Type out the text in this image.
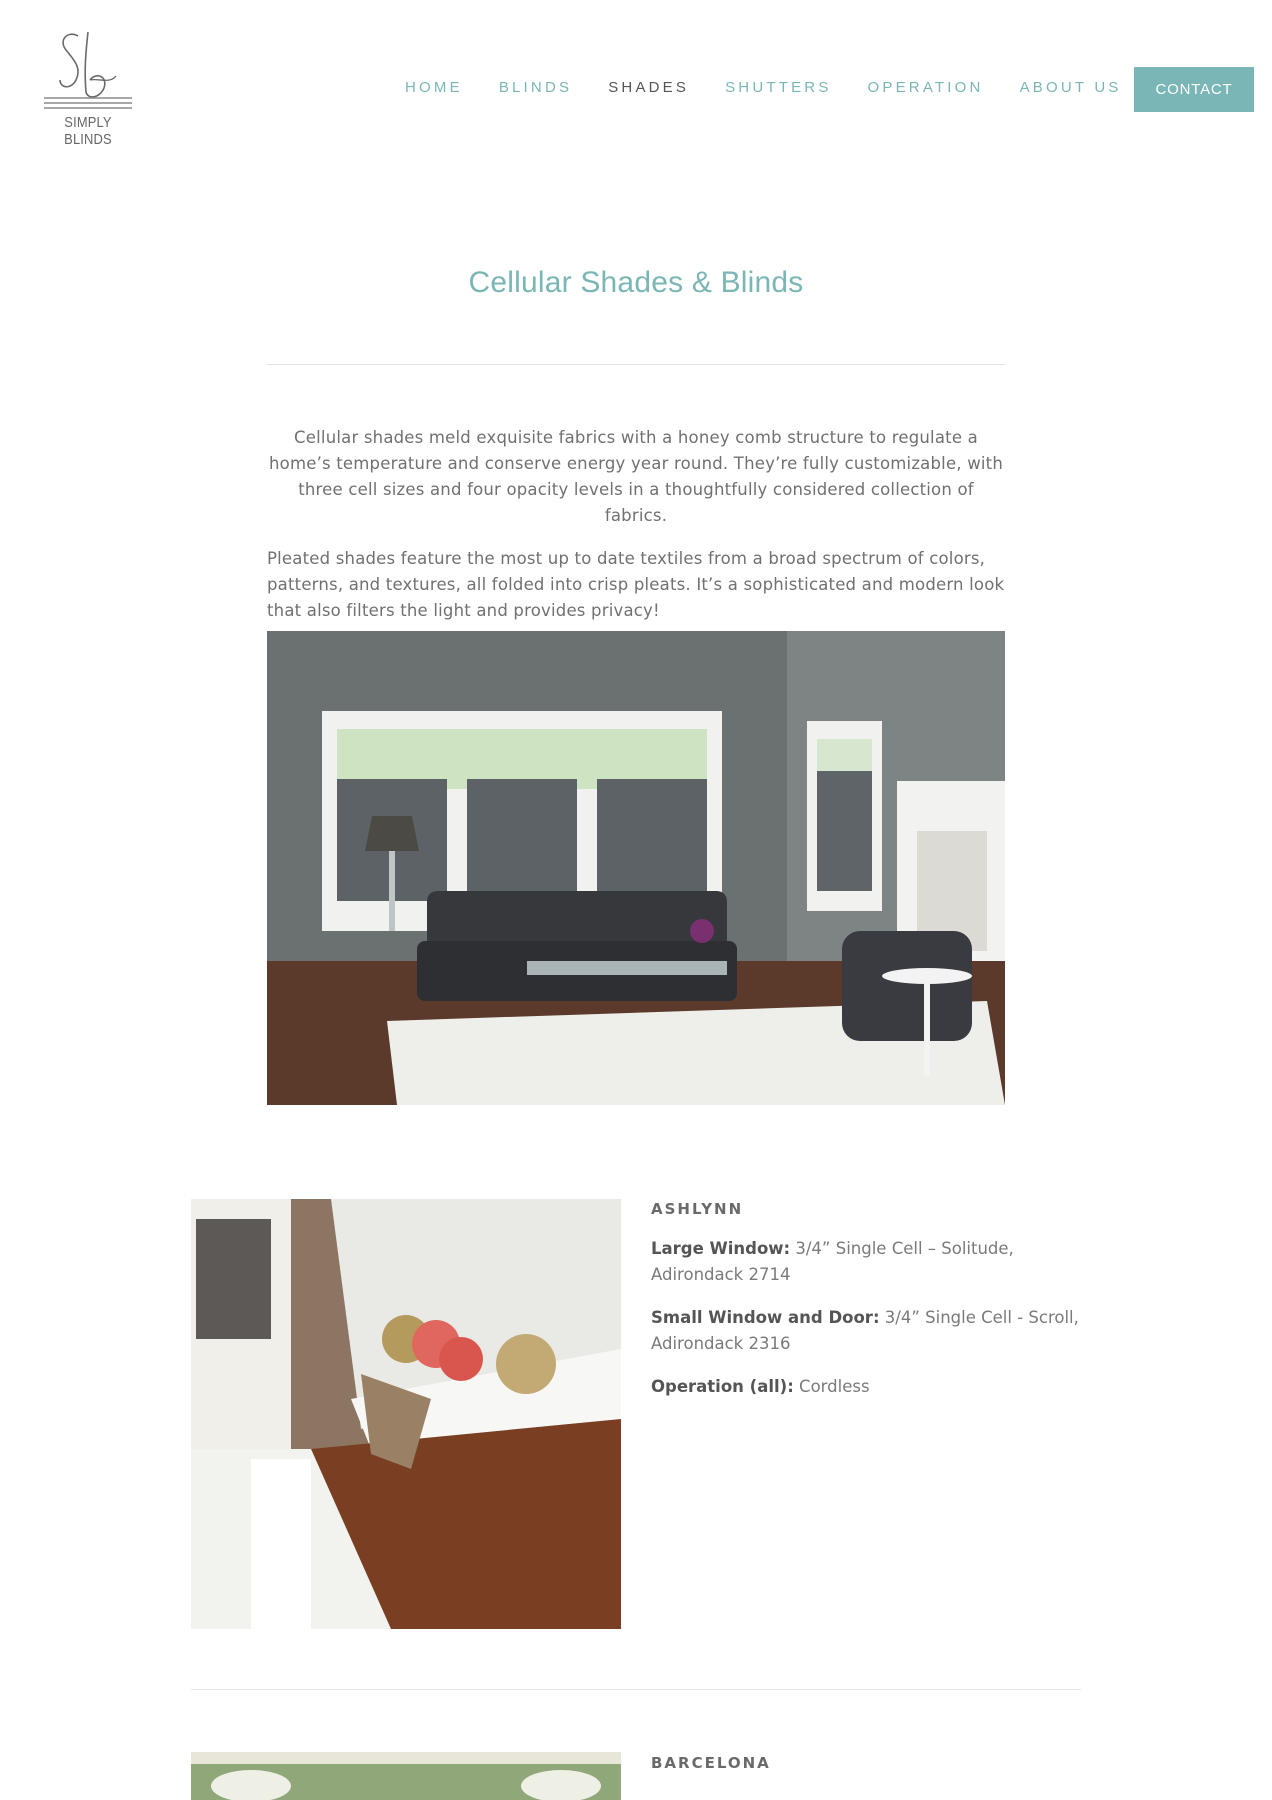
SIMPLY BLINDS
HOME BLINDS SHADES SHUTTERS OPERATION ABOUT US	CONTACT
Cellular Shades & Blinds

Cellular shades meld exquisite fabrics with a honey comb structure to regulate a home’s temperature and conserve energy year round. They’re fully customizable, with three cell sizes and four opacity levels in a thoughtfully considered collection of fabrics.

Pleated shades feature the most up to date textiles from a broad spectrum of colors, patterns, and textures, all folded into crisp pleats. It’s a sophisticated and modern look that also filters the light and provides privacy!

ASHLYNN
Large Window: 3/4” Single Cell – Solitude, Adirondack 2714
Small Window and Door: 3/4” Single Cell - Scroll, Adirondack 2316
Operation (all): Cordless
BARCELONA
